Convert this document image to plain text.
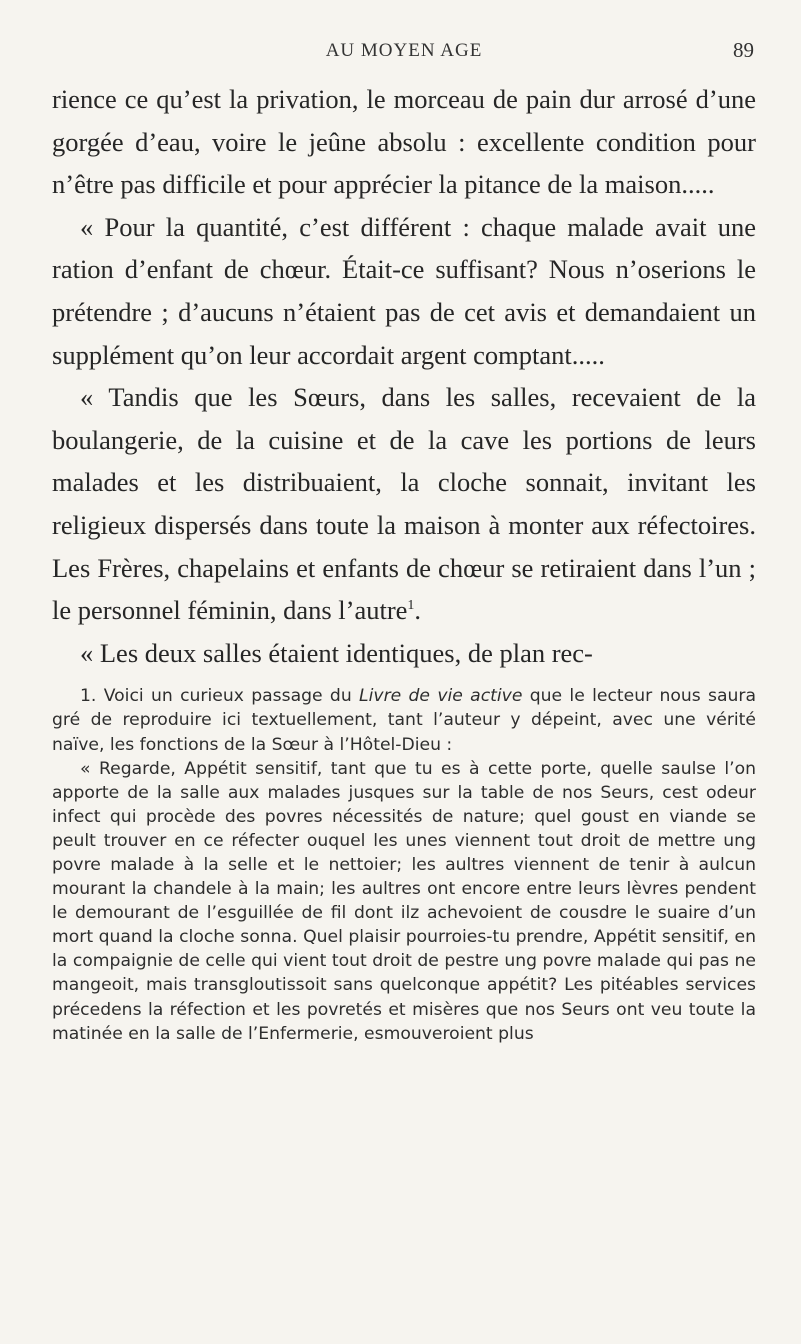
AU MOYEN AGE	89

rience ce qu’est la privation, le morceau de pain dur arrosé d’une gorgée d’eau, voire le jeûne absolu : excellente condition pour n’être pas difficile et pour apprécier la pitance de la maison.....

« Pour la quantité, c’est différent : chaque malade avait une ration d’enfant de chœur. Était-ce suffisant? Nous n’oserions le prétendre ; d’aucuns n’étaient pas de cet avis et demandaient un supplément qu’on leur accordait argent comptant.....

« Tandis que les Sœurs, dans les salles, recevaient de la boulangerie, de la cuisine et de la cave les portions de leurs malades et les distribuaient, la cloche sonnait, invitant les religieux dispersés dans toute la maison à monter aux réfectoires. Les Frères, chapelains et enfants de chœur se retiraient dans l’un ; le personnel féminin, dans l’autre$^1$.

« Les deux salles étaient identiques, de plan rec-

1. Voici un curieux passage du Livre de vie active que le lecteur nous saura gré de reproduire ici textuellement, tant l’auteur y dépeint, avec une vérité naïve, les fonctions de la Sœur à l’Hôtel-Dieu :

« Regarde, Appétit sensitif, tant que tu es à cette porte, quelle saulse l’on apporte de la salle aux malades jusques sur la table de nos Seurs, cest odeur infect qui procède des povres nécessités de nature; quel goust en viande se peult trouver en ce réfecter ouquel les unes viennent tout droit de mettre ung povre malade à la selle et le nettoier; les aultres viennent de tenir à aulcun mourant la chandele à la main; les aultres ont encore entre leurs lèvres pendent le demourant de l’esguillée de fil dont ilz achevoient de cousdre le suaire d’un mort quand la cloche sonna. Quel plaisir pourroies-tu prendre, Appétit sensitif, en la compaignie de celle qui vient tout droit de pestre ung povre malade qui pas ne mangeoit, mais transgloutissoit sans quelconque appétit? Les pitéables services précedens la réfection et les povretés et misères que nos Seurs ont veu toute la matinée en la salle de l’Enfermerie, esmouveroient plus
